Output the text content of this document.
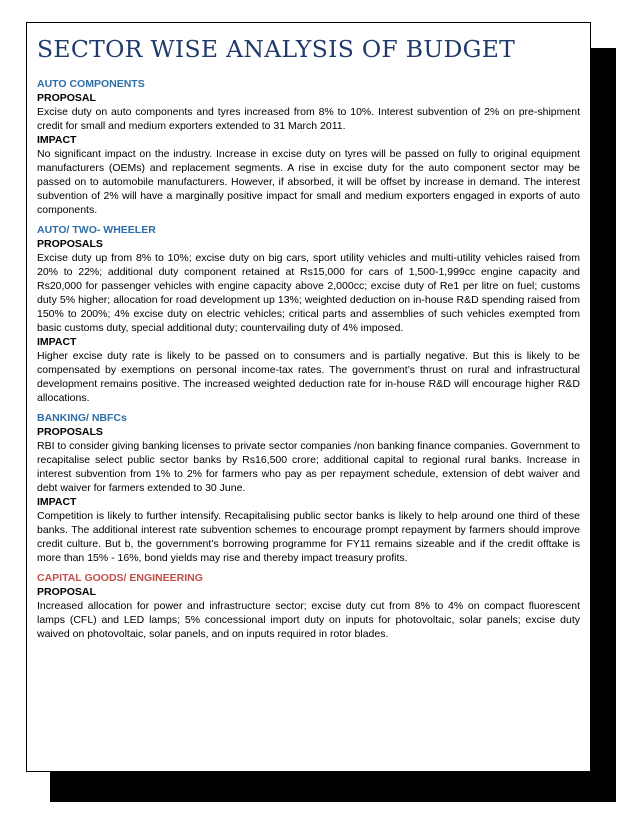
SECTOR WISE ANALYSIS OF BUDGET

AUTO COMPONENTS

PROPOSAL

Excise duty on auto components and tyres increased from 8% to 10%. Interest subvention of 2% on pre-shipment credit for small and medium exporters extended to 31 March 2011.

IMPACT

No significant impact on the industry. Increase in excise duty on tyres will be passed on fully to original equipment manufacturers (OEMs) and replacement segments. A rise in excise duty for the auto component sector may be passed on to automobile manufacturers. However, if absorbed, it will be offset by increase in demand. The interest subvention of 2% will have a marginally positive impact for small and medium exporters engaged in exports of auto components.

AUTO/ TWO- WHEELER

PROPOSALS

Excise duty up from 8% to 10%; excise duty on big cars, sport utility vehicles and multi-utility vehicles raised from 20% to 22%; additional duty component retained at Rs15,000 for cars of 1,500-1,999cc engine capacity and Rs20,000 for passenger vehicles with engine capacity above 2,000cc; excise duty of Re1 per litre on fuel; customs duty 5% higher; allocation for road development up 13%; weighted deduction on in-house R&D spending raised from 150% to 200%; 4% excise duty on electric vehicles; critical parts and assemblies of such vehicles exempted from basic customs duty, special additional duty; countervailing duty of 4% imposed.

IMPACT

Higher excise duty rate is likely to be passed on to consumers and is partially negative. But this is likely to be compensated by exemptions on personal income-tax rates. The government’s thrust on rural and infrastructural development remains positive. The increased weighted deduction rate for in-house R&D will encourage higher R&D allocations.

BANKING/ NBFCs

PROPOSALS

RBI to consider giving banking licenses to private sector companies /non banking finance companies. Government to recapitalise select public sector banks by Rs16,500 crore; additional capital to regional rural banks. Increase in interest subvention from 1% to 2% for farmers who pay as per repayment schedule, extension of debt waiver and debt waiver for farmers extended to 30 June.

IMPACT

Competition is likely to further intensify. Recapitalising public sector banks is likely to help around one third of these banks. The additional interest rate subvention schemes to encourage prompt repayment by farmers should improve credit culture. But b, the government’s borrowing programme for FY11 remains sizeable and if the credit offtake is more than 15% - 16%, bond yields may rise and thereby impact treasury profits.

CAPITAL GOODS/ ENGINEERING

PROPOSAL

Increased allocation for power and infrastructure sector; excise duty cut from 8% to 4% on compact fluorescent lamps (CFL) and LED lamps; 5% concessional import duty on inputs for photovoltaic, solar panels; excise duty waived on photovoltaic, solar panels, and on inputs required in rotor blades.
